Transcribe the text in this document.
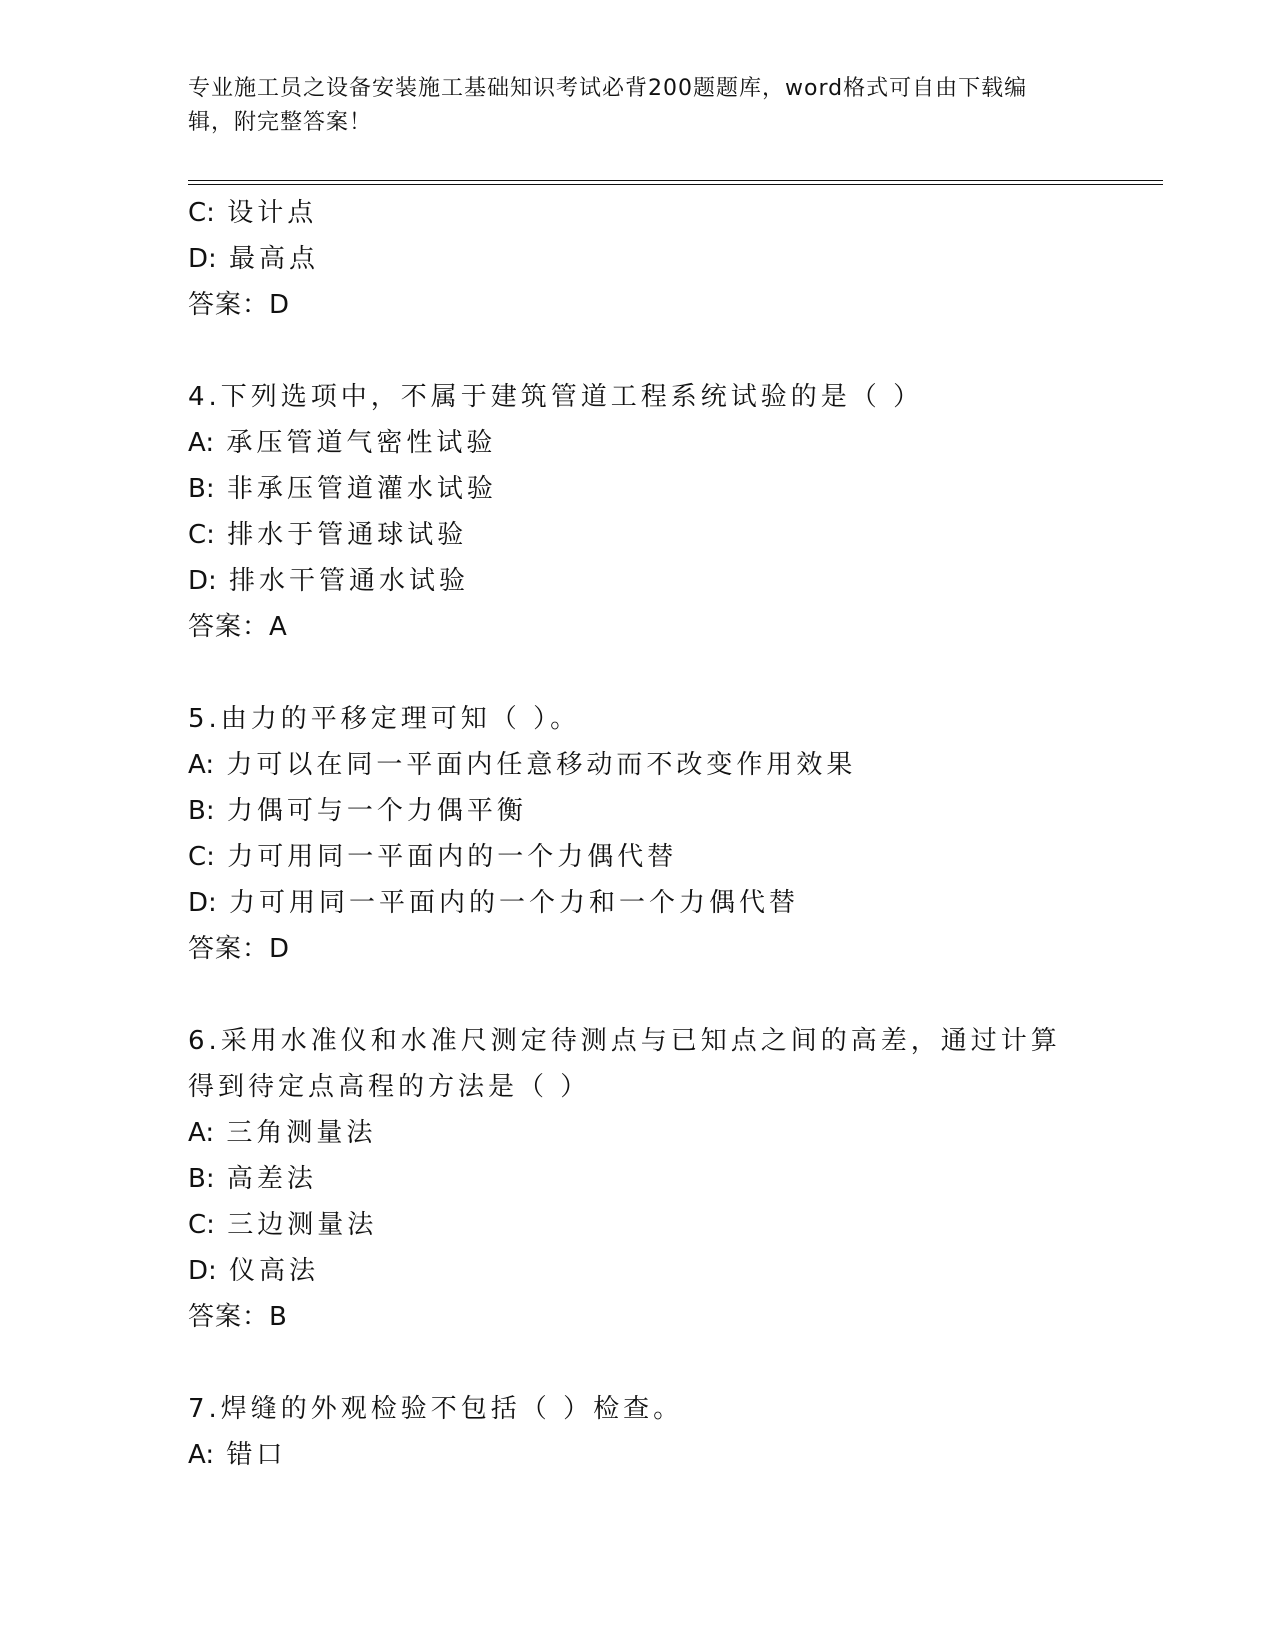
专业施工员之设备安装施工基础知识考试必背200题题库，word格式可自由下载编辑，附完整答案！

C: 设计点
D: 最高点
答案：D
4.下列选项中，不属于建筑管道工程系统试验的是（ ）
A: 承压管道气密性试验
B: 非承压管道灌水试验
C: 排水于管通球试验
D: 排水干管通水试验
答案：A
5.由力的平移定理可知（ ）。
A: 力可以在同一平面内任意移动而不改变作用效果
B: 力偶可与一个力偶平衡
C: 力可用同一平面内的一个力偶代替
D: 力可用同一平面内的一个力和一个力偶代替
答案：D
6.采用水准仪和水准尺测定待测点与已知点之间的高差，通过计算得到待定点高程的方法是（ ）
A: 三角测量法
B: 高差法
C: 三边测量法
D: 仪高法
答案：B
7.焊缝的外观检验不包括（ ）检查。
A: 错口
